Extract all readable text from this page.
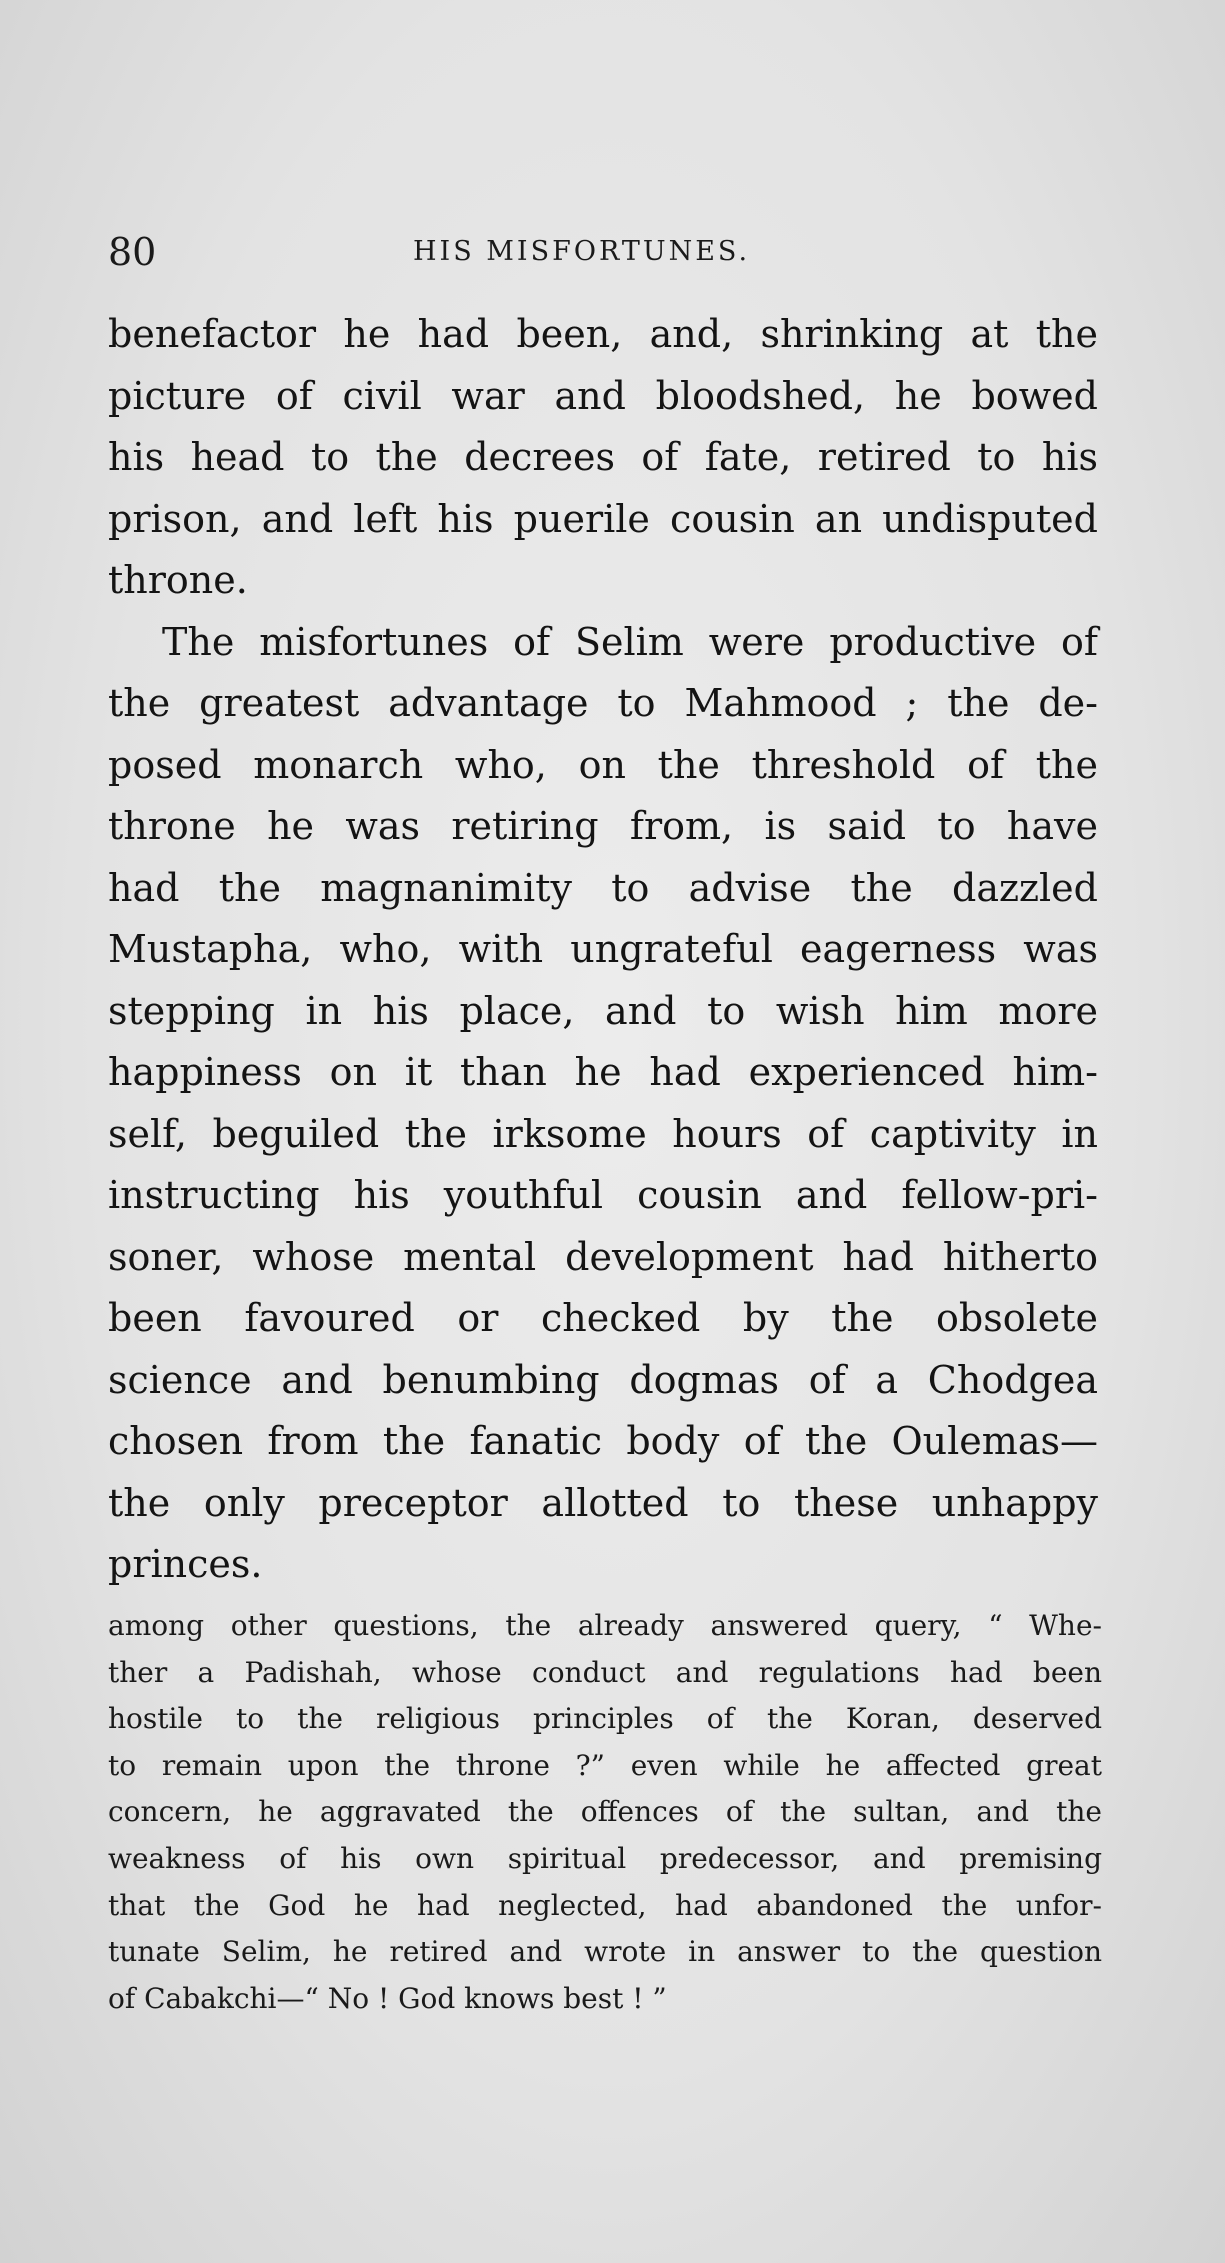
80	HIS MISFORTUNES.
benefactor he had been, and, shrinking at the
picture of civil war and bloodshed, he bowed
his head to the decrees of fate, retired to his
prison, and left his puerile cousin an undisputed
throne.
The misfortunes of Selim were productive of
the greatest advantage to Mahmood ; the de-
posed monarch who, on the threshold of the
throne he was retiring from, is said to have
had the magnanimity to advise the dazzled
Mustapha, who, with ungrateful eagerness was
stepping in his place, and to wish him more
happiness on it than he had experienced him-
self, beguiled the irksome hours of captivity in
instructing his youthful cousin and fellow-pri-
soner, whose mental development had hitherto
been favoured or checked by the obsolete
science and benumbing dogmas of a Chodgea
chosen from the fanatic body of the Oulemas—
the only preceptor allotted to these unhappy
princes.
among other questions, the already answered query, “ Whe-
ther a Padishah, whose conduct and regulations had been
hostile to the religious principles of the Koran, deserved
to remain upon the throne ?” even while he affected great
concern, he aggravated the offences of the sultan, and the
weakness of his own spiritual predecessor, and premising
that the God he had neglected, had abandoned the unfor-
tunate Selim, he retired and wrote in answer to the question
of Cabakchi—“ No ! God knows best ! ”
